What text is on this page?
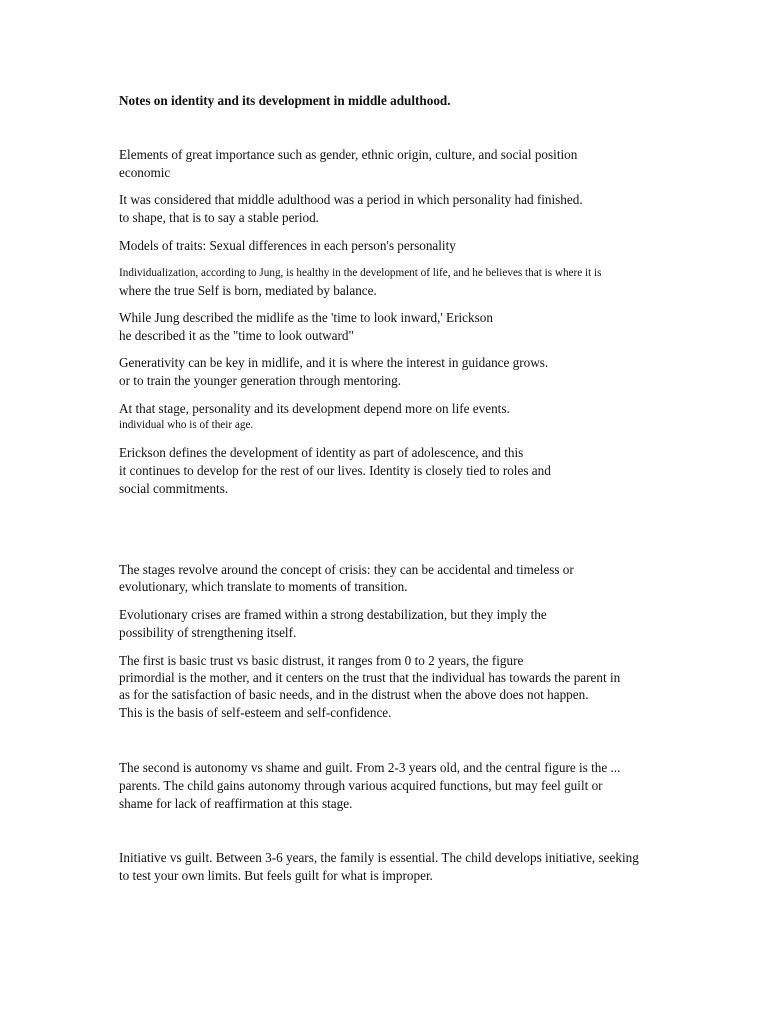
Notes on identity and its development in middle adulthood.
Elements of great importance such as gender, ethnic origin, culture, and social position
economic
It was considered that middle adulthood was a period in which personality had finished.
to shape, that is to say a stable period.
Models of traits: Sexual differences in each person's personality
Individualization, according to Jung, is healthy in the development of life, and he believes that is where it is
where the true Self is born, mediated by balance.
While Jung described the midlife as the 'time to look inward,' Erickson
he described it as the "time to look outward"
Generativity can be key in midlife, and it is where the interest in guidance grows.
or to train the younger generation through mentoring.
At that stage, personality and its development depend more on life events.
individual who is of their age.
Erickson defines the development of identity as part of adolescence, and this
it continues to develop for the rest of our lives. Identity is closely tied to roles and
social commitments.
The stages revolve around the concept of crisis: they can be accidental and timeless or
evolutionary, which translate to moments of transition.
Evolutionary crises are framed within a strong destabilization, but they imply the
possibility of strengthening itself.
The first is basic trust vs basic distrust, it ranges from 0 to 2 years, the figure
primordial is the mother, and it centers on the trust that the individual has towards the parent in
as for the satisfaction of basic needs, and in the distrust when the above does not happen.
This is the basis of self-esteem and self-confidence.
The second is autonomy vs shame and guilt. From 2-3 years old, and the central figure is the ...
parents. The child gains autonomy through various acquired functions, but may feel guilt or
shame for lack of reaffirmation at this stage.
Initiative vs guilt. Between 3-6 years, the family is essential. The child develops initiative, seeking
to test your own limits. But feels guilt for what is improper.
